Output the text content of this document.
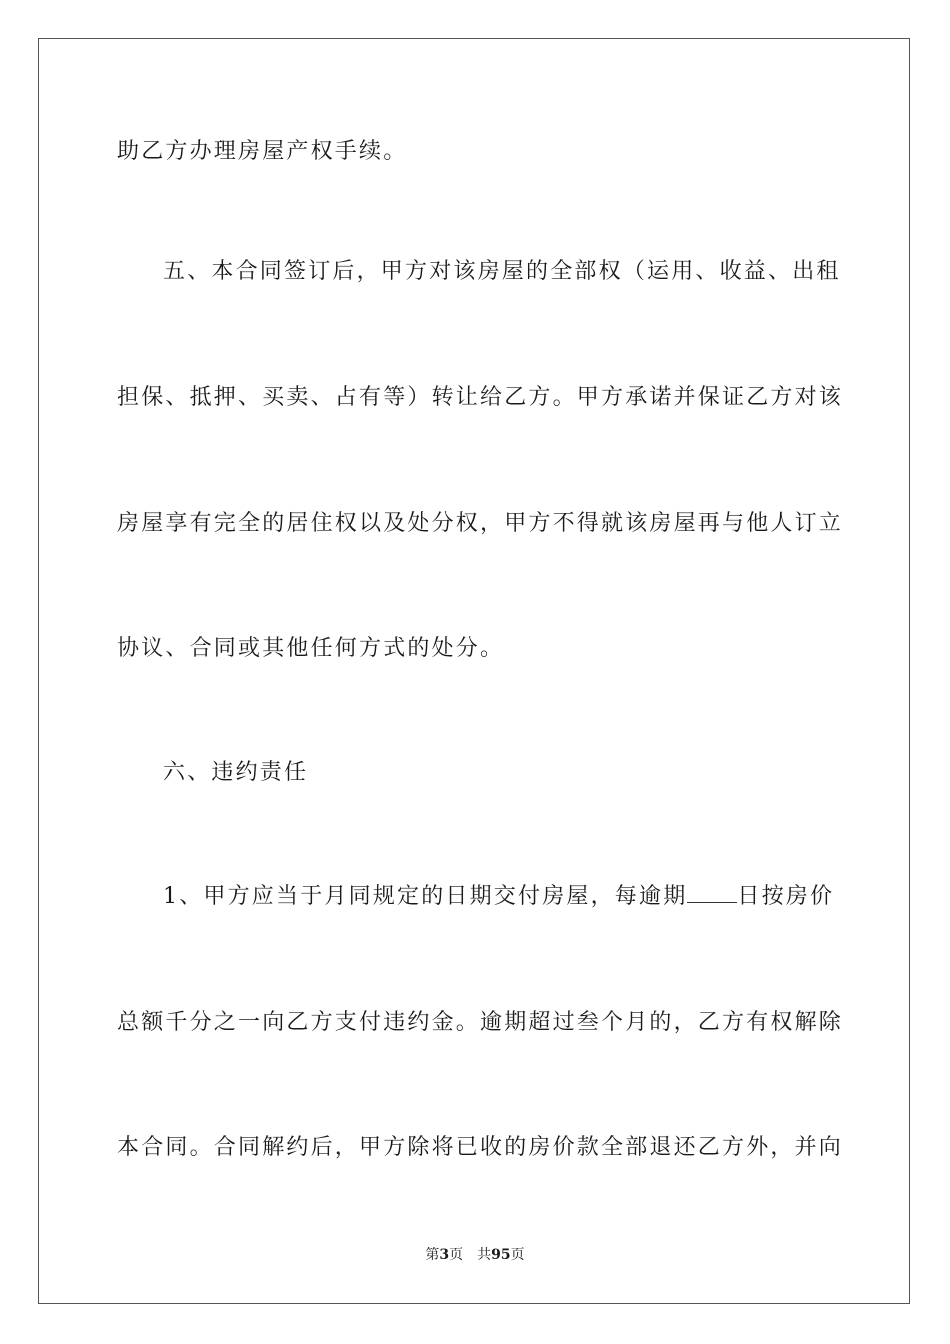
助乙方办理房屋产权手续。
五、本合同签订后，甲方对该房屋的全部权（运用、收益、出租
担保、抵押、买卖、占有等）转让给乙方。甲方承诺并保证乙方对该
房屋享有完全的居住权以及处分权，甲方不得就该房屋再与他人订立
协议、合同或其他任何方式的处分。
六、违约责任
1、甲方应当于月同规定的日期交付房屋，每逾期 日按房价
总额千分之一向乙方支付违约金。逾期超过叁个月的，乙方有权解除
本合同。合同解约后，甲方除将已收的房价款全部退还乙方外，并向
第3页 共95页
